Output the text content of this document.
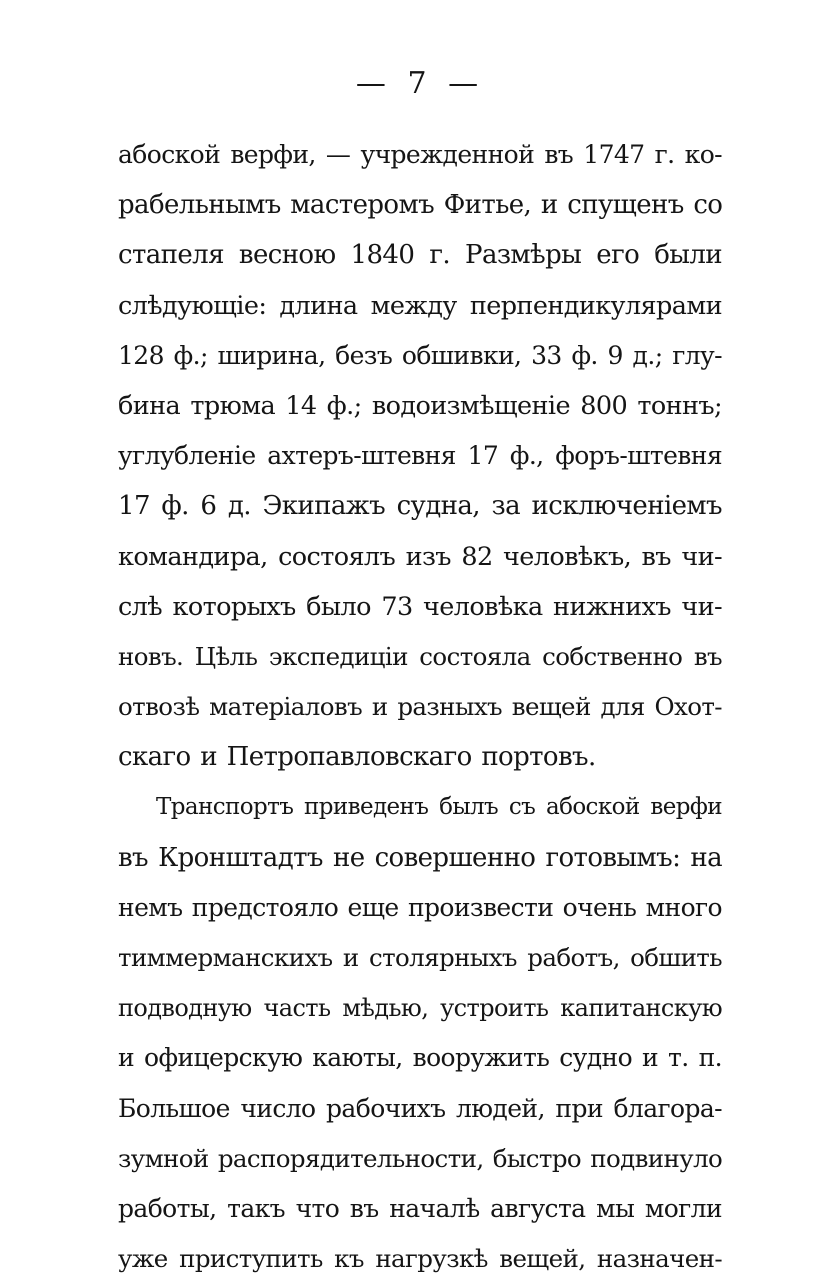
— 7 —
абоской верфи, — учрежденной въ 1747 г. ко-
рабельнымъ мастеромъ Фитье, и спущенъ со
стапеля весною 1840 г. Размѣры его были
слѣдующіе: длина между перпендикулярами
128 ф.; ширина, безъ обшивки, 33 ф. 9 д.; глу-
бина трюма 14 ф.; водоизмѣщеніе 800 тоннъ;
углубленіе ахтеръ-штевня 17 ф., форъ-штевня
17 ф. 6 д. Экипажъ судна, за исключеніемъ
командира, состоялъ изъ 82 человѣкъ, въ чи-
слѣ которыхъ было 73 человѣка нижнихъ чи-
новъ. Цѣль экспедиціи состояла собственно въ
отвозѣ матеріаловъ и разныхъ вещей для Охот-
скаго и Петропавловскаго портовъ.
Транспортъ приведенъ былъ съ абоской верфи
въ Кронштадтъ не совершенно готовымъ: на
немъ предстояло еще произвести очень много
тиммерманскихъ и столярныхъ работъ, обшить
подводную часть мѣдью, устроить капитанскую
и офицерскую каюты, вооружить судно и т. п.
Большое число рабочихъ людей, при благора-
зумной распорядительности, быстро подвинуло
работы, такъ что въ началѣ августа мы могли
уже приступить къ нагрузкѣ вещей, назначен-
